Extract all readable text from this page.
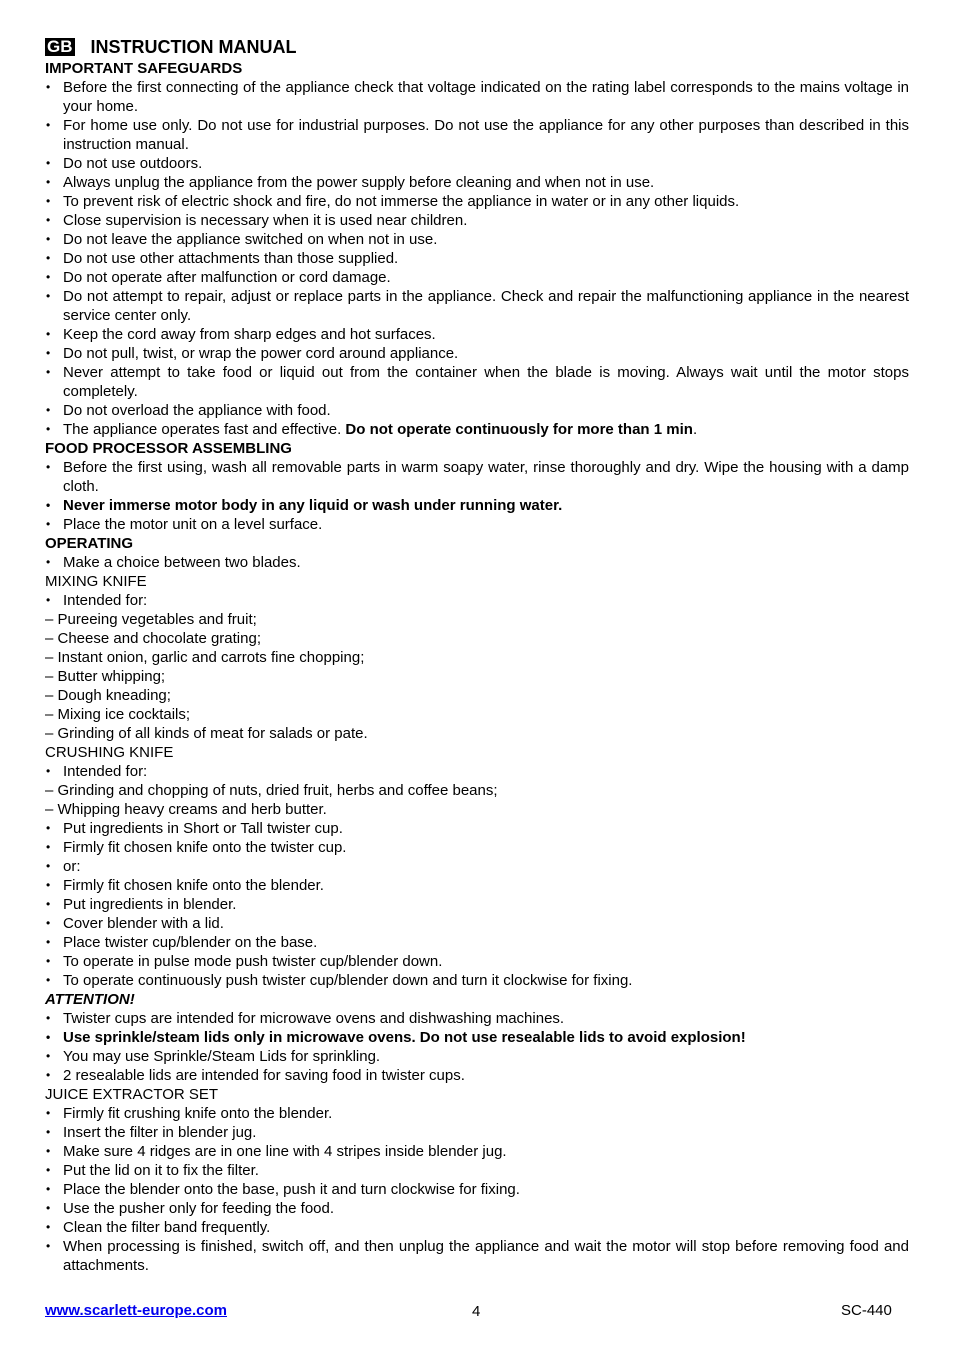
GB INSTRUCTION MANUAL
IMPORTANT SAFEGUARDS
• Before the first connecting of the appliance check that voltage indicated on the rating label corresponds to the mains voltage in your home.
• For home use only. Do not use for industrial purposes. Do not use the appliance for any other purposes than described in this instruction manual.
• Do not use outdoors.
• Always unplug the appliance from the power supply before cleaning and when not in use.
• To prevent risk of electric shock and fire, do not immerse the appliance in water or in any other liquids.
• Close supervision is necessary when it is used near children.
• Do not leave the appliance switched on when not in use.
• Do not use other attachments than those supplied.
• Do not operate after malfunction or cord damage.
• Do not attempt to repair, adjust or replace parts in the appliance. Check and repair the malfunctioning appliance in the nearest service center only.
• Keep the cord away from sharp edges and hot surfaces.
• Do not pull, twist, or wrap the power cord around appliance.
• Never attempt to take food or liquid out from the container when the blade is moving. Always wait until the motor stops completely.
• Do not overload the appliance with food.
• The appliance operates fast and effective. Do not operate continuously for more than 1 min.
FOOD PROCESSOR ASSEMBLING
• Before the first using, wash all removable parts in warm soapy water, rinse thoroughly and dry. Wipe the housing with a damp cloth.
• Never immerse motor body in any liquid or wash under running water.
• Place the motor unit on a level surface.
OPERATING
• Make a choice between two blades.
MIXING KNIFE
• Intended for:
– Pureeing vegetables and fruit;
– Cheese and chocolate grating;
– Instant onion, garlic and carrots fine chopping;
– Butter whipping;
– Dough kneading;
– Mixing ice cocktails;
– Grinding of all kinds of meat for salads or pate.
CRUSHING KNIFE
• Intended for:
– Grinding and chopping of nuts, dried fruit, herbs and coffee beans;
– Whipping heavy creams and herb butter.
• Put ingredients in Short or Tall twister cup.
• Firmly fit chosen knife onto the twister cup.
• or:
• Firmly fit chosen knife onto the blender.
• Put ingredients in blender.
• Cover blender with a lid.
• Place twister cup/blender on the base.
• To operate in pulse mode push twister cup/blender down.
• To operate continuously push twister cup/blender down and turn it clockwise for fixing.
ATTENTION!
• Twister cups are intended for microwave ovens and dishwashing machines.
• Use sprinkle/steam lids only in microwave ovens. Do not use resealable lids to avoid explosion!
• You may use Sprinkle/Steam Lids for sprinkling.
• 2 resealable lids are intended for saving food in twister cups.
JUICE EXTRACTOR SET
• Firmly fit crushing knife onto the blender.
• Insert the filter in blender jug.
• Make sure 4 ridges are in one line with 4 stripes inside blender jug.
• Put the lid on it to fix the filter.
• Place the blender onto the base, push it and turn clockwise for fixing.
• Use the pusher only for feeding the food.
• Clean the filter band frequently.
• When processing is finished, switch off, and then unplug the appliance and wait the motor will stop before removing food and attachments.
www.scarlett-europe.com	4	SC-440
